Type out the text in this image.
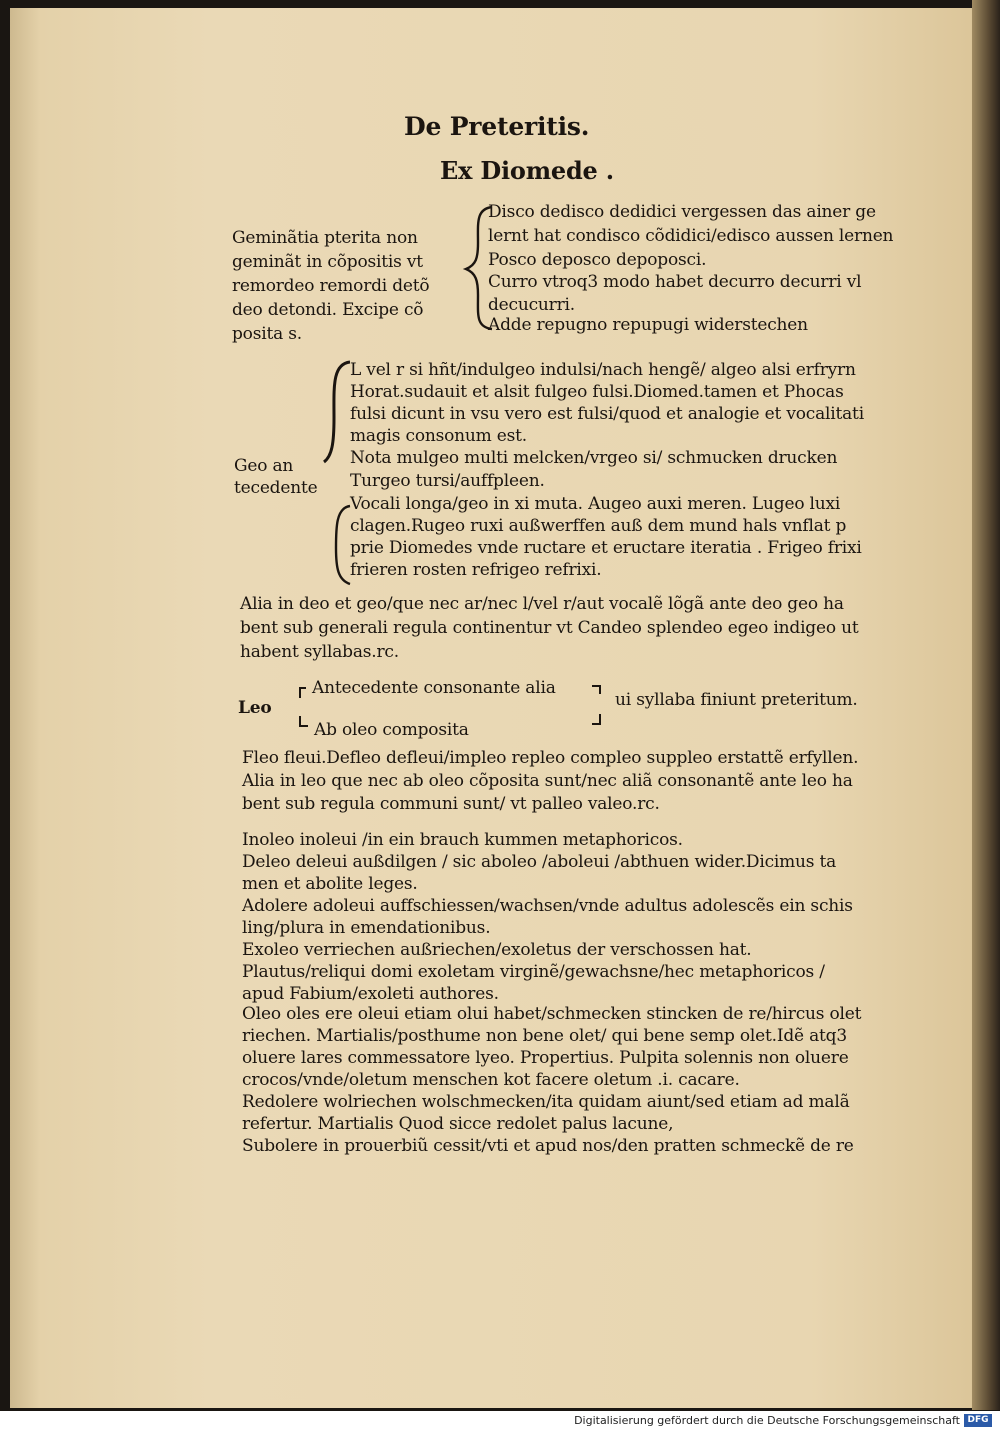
De Preteritis.
Ex Diomede .
Geminãtia pterita non
geminãt in cõpositis vt
remordeo remordi detõ
deo detondi. Excipe cõ
posita s.
Disco dedisco dedidici vergessen das ainer ge
lernt hat condisco cõdidici/edisco aussen lernen
Posco deposco depoposci.
Curro vtroq3 modo habet decurro decurri vl
decucurri.
Adde repugno repupugi widerstechen
Geo an
tecedente
L vel r si hñt/indulgeo indulsi/nach hengẽ/ algeo alsi erfryrn
Horat.sudauit et alsit fulgeo fulsi.Diomed.tamen et Phocas
fulsi dicunt in vsu vero est fulsi/quod et analogie et vocalitati
magis consonum est.
Nota mulgeo multi melcken/vrgeo si/ schmucken drucken
Turgeo tursi/auffpleen.
Vocali longa/geo in xi muta. Augeo auxi meren. Lugeo luxi
clagen.Rugeo ruxi außwerffen auß dem mund hals vnflat p
prie Diomedes vnde ructare et eructare iteratia . Frigeo frixi
frieren rosten refrigeo refrixi.
Alia in deo et geo/que nec ar/nec l/vel r/aut vocalẽ lõgã ante deo geo ha
bent sub generali regula continentur vt Candeo splendeo egeo indigeo ut
habent syllabas.rc.
Leo
Antecedente consonante alia
Ab oleo composita
ui syllaba finiunt preteritum.
Fleo fleui.Defleo defleui/impleo repleo compleo suppleo erstattẽ erfyllen.
Alia in leo que nec ab oleo cõposita sunt/nec aliã consonantẽ ante leo ha
bent sub regula communi sunt/ vt palleo valeo.rc.
Inoleo inoleui /in ein brauch kummen metaphoricos.
Deleo deleui außdilgen / sic aboleo /aboleui /abthuen wider.Dicimus ta
men et abolite leges.
Adolere adoleui auffschiessen/wachsen/vnde adultus adolescẽs ein schis
ling/plura in emendationibus.
Exoleo verriechen außriechen/exoletus der verschossen hat.
Plautus/reliqui domi exoletam virginẽ/gewachsne/hec metaphoricos /
apud Fabium/exoleti authores.
Oleo oles ere oleui etiam olui habet/schmecken stincken de re/hircus olet
riechen. Martialis/posthume non bene olet/ qui bene semp olet.Idẽ atq3
oluere lares commessatore lyeo. Propertius. Pulpita solennis non oluere
crocos/vnde/oletum menschen kot facere oletum .i. cacare.
Redolere wolriechen wolschmecken/ita quidam aiunt/sed etiam ad malã
refertur. Martialis Quod sicce redolet palus lacune,
Subolere in prouerbiũ cessit/vti et apud nos/den pratten schmeckẽ de re
Digitalisierung gefördert durch die Deutsche Forschungsgemeinschaft DFG
